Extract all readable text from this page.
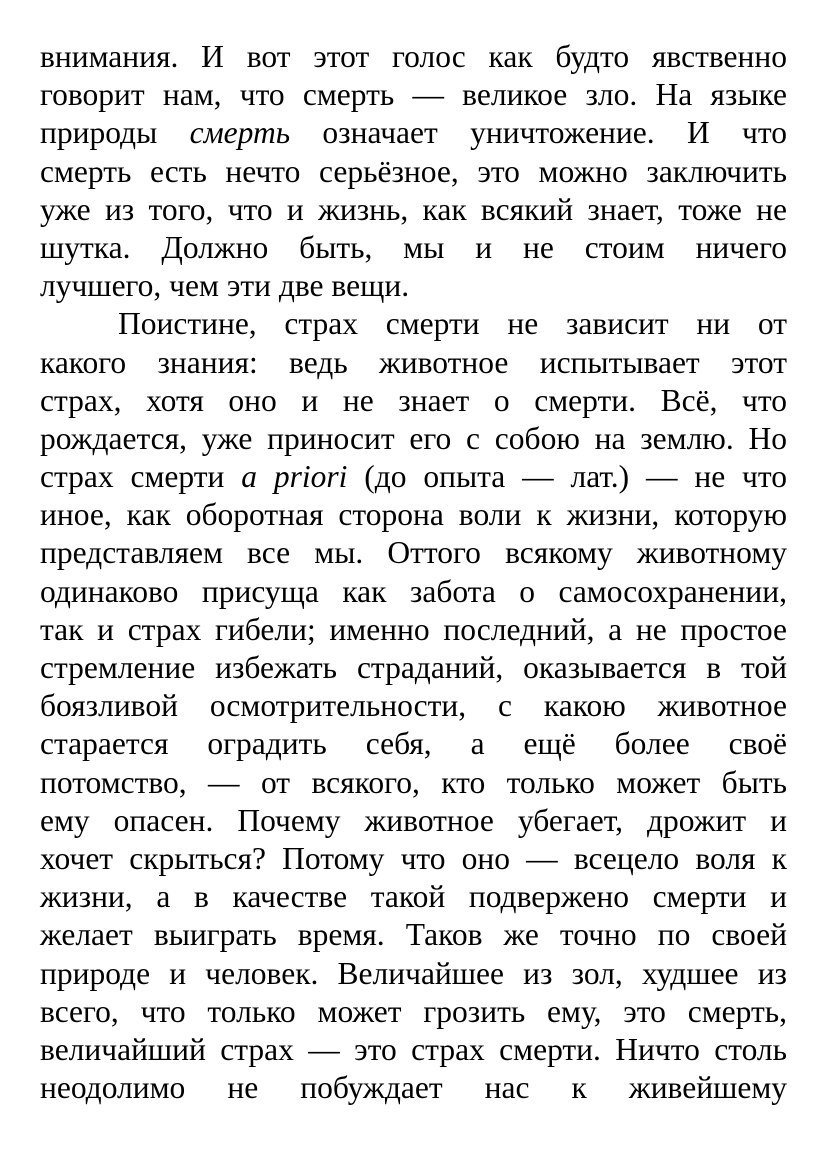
внимания. И вот этот голос как будто явственно
говорит нам, что смерть — великое зло. На языке
природы смерть означает уничтожение. И что
смерть есть нечто серьёзное, это можно заключить
уже из того, что и жизнь, как всякий знает, тоже не
шутка. Должно быть, мы и не стоим ничего
лучшего, чем эти две вещи.
Поистине, страх смерти не зависит ни от
какого знания: ведь животное испытывает этот
страх, хотя оно и не знает о смерти. Всё, что
рождается, уже приносит его с собою на землю. Но
страх смерти a priori (до опыта — лат.) — не что
иное, как оборотная сторона воли к жизни, которую
представляем все мы. Оттого всякому животному
одинаково присуща как забота о самосохранении,
так и страх гибели; именно последний, а не простое
стремление избежать страданий, оказывается в той
боязливой осмотрительности, с какою животное
старается оградить себя, а ещё более своё
потомство, — от всякого, кто только может быть
ему опасен. Почему животное убегает, дрожит и
хочет скрыться? Потому что оно — всецело воля к
жизни, а в качестве такой подвержено смерти и
желает выиграть время. Таков же точно по своей
природе и человек. Величайшее из зол, худшее из
всего, что только может грозить ему, это смерть,
величайший страх — это страх смерти. Ничто столь
неодолимо не побуждает нас к живейшему
